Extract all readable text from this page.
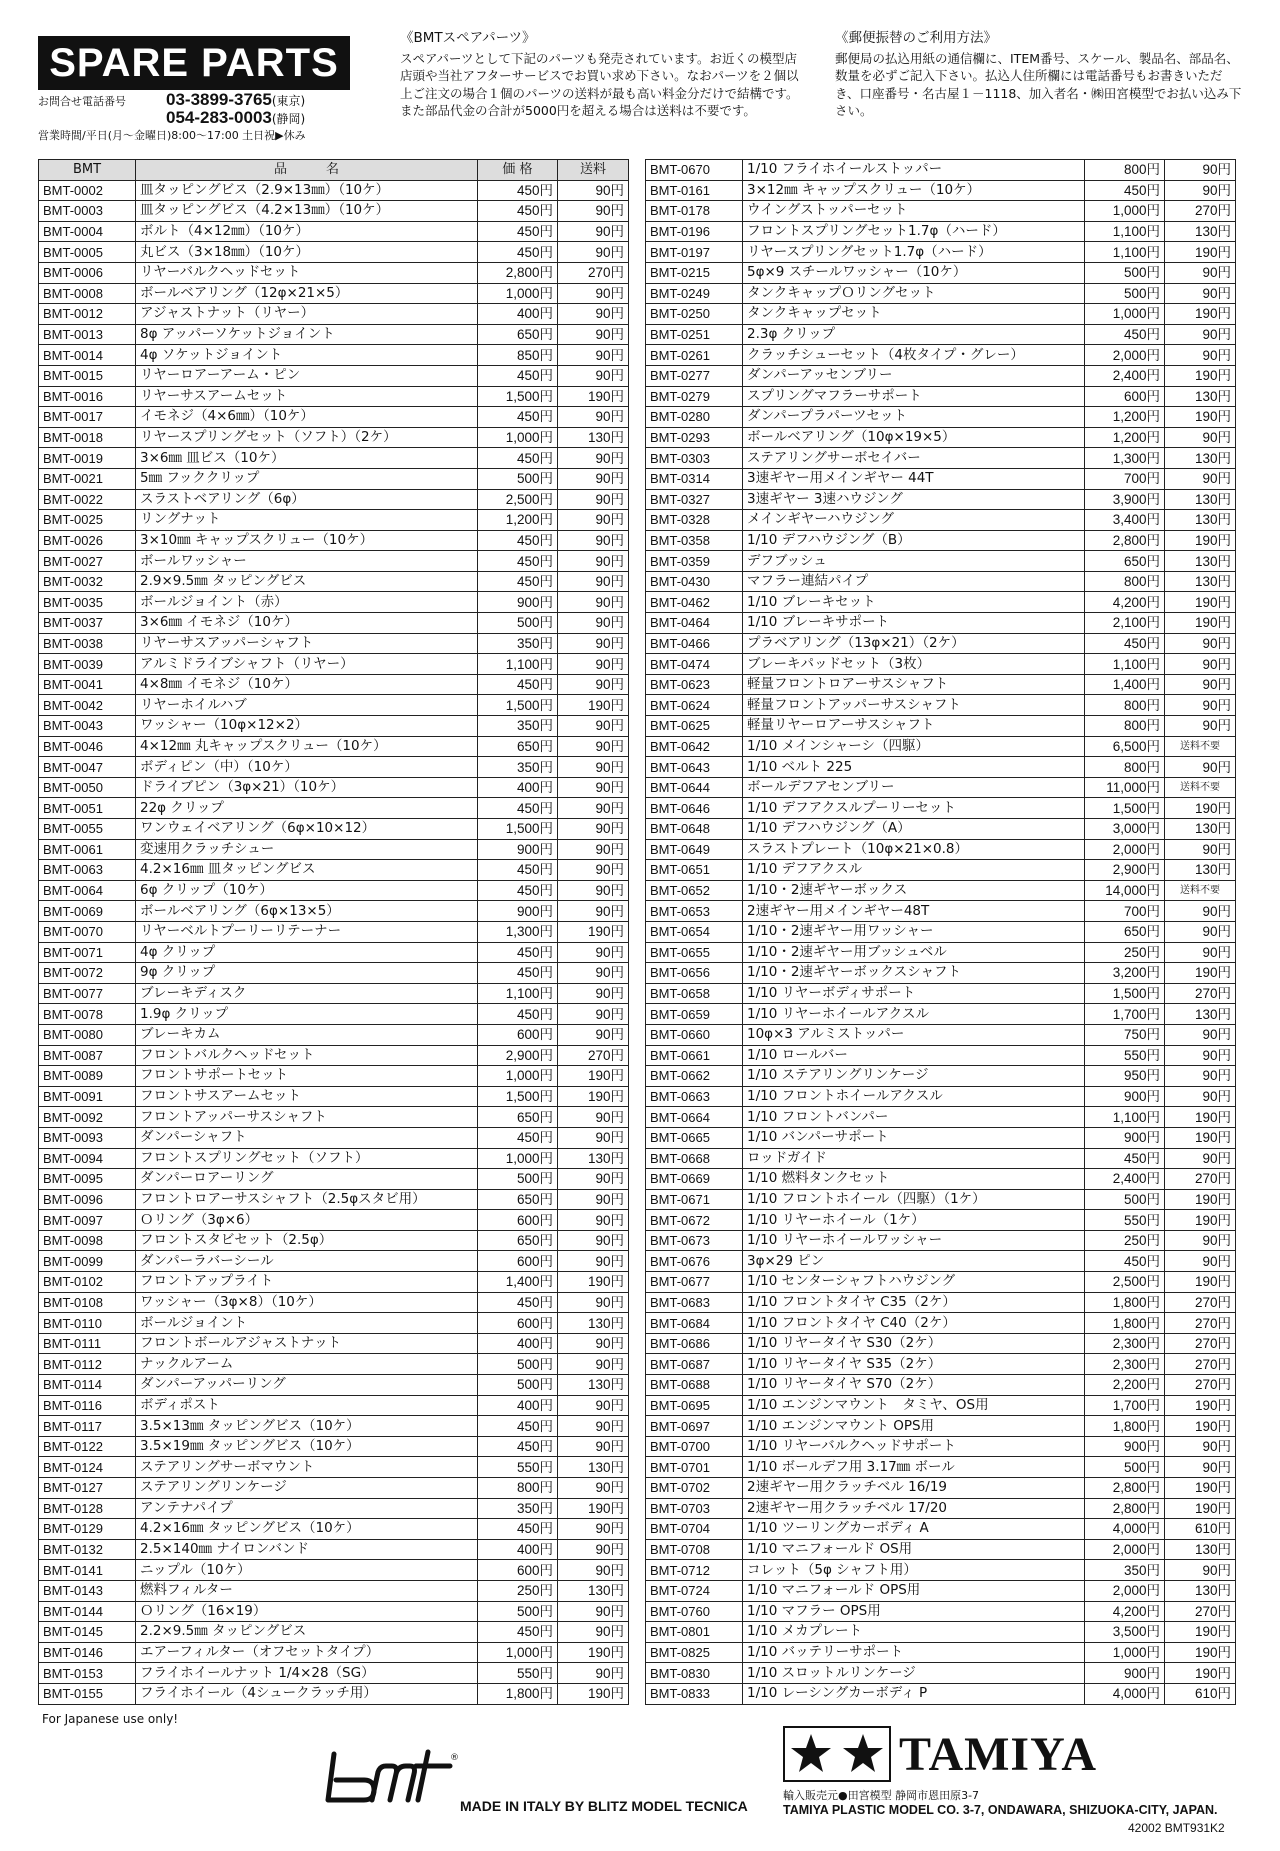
SPARE PARTS
お問合せ電話番号	03-3899-3765 (東京)
054-283-0003 (静岡)
営業時間/平日(月～金曜日)8:00～17:00 土日祝▶休み
《BMTスペアパーツ》
スペアパーツとして下記のパーツも発売されています。お近くの模型店店頭や当社アフターサービスでお買い求め下さい。なおパーツを２個以上ご注文の場合１個のパーツの送料が最も高い料金分だけで結構です。また部品代金の合計が5000円を超える場合は送料は不要です。
《郵便振替のご利用方法》
郵便局の払込用紙の通信欄に、ITEM番号、スケール、製品名、部品名、数量を必ずご記入下さい。払込人住所欄には電話番号もお書きいただき、口座番号・名古屋１－1118、加入者名・㈱田宮模型でお払い込み下さい。
BMT	品　　　名	価 格	送料
BMT-0002	皿タッピングビス（2.9×13㎜）（10ケ）	450円	90円
BMT-0003	皿タッピングビス（4.2×13㎜）（10ケ）	450円	90円
BMT-0004	ボルト（4×12㎜）（10ケ）	450円	90円
BMT-0005	丸ビス（3×18㎜）（10ケ）	450円	90円
BMT-0006	リヤーバルクヘッドセット	2,800円	270円
BMT-0008	ボールベアリング（12φ×21×5）	1,000円	90円
BMT-0012	アジャストナット（リヤー）	400円	90円
BMT-0013	8φ アッパーソケットジョイント	650円	90円
BMT-0014	4φ ソケットジョイント	850円	90円
BMT-0015	リヤーロアーアーム・ピン	450円	90円
BMT-0016	リヤーサスアームセット	1,500円	190円
BMT-0017	イモネジ（4×6㎜）（10ケ）	450円	90円
BMT-0018	リヤースプリングセット（ソフト）（2ケ）	1,000円	130円
BMT-0019	3×6㎜ 皿ビス（10ケ）	450円	90円
BMT-0021	5㎜ フッククリップ	500円	90円
BMT-0022	スラストベアリング（6φ）	2,500円	90円
BMT-0025	リングナット	1,200円	90円
BMT-0026	3×10㎜ キャップスクリュー（10ケ）	450円	90円
BMT-0027	ボールワッシャー	450円	90円
BMT-0032	2.9×9.5㎜ タッピングビス	450円	90円
BMT-0035	ボールジョイント（赤）	900円	90円
BMT-0037	3×6㎜ イモネジ（10ケ）	500円	90円
BMT-0038	リヤーサスアッパーシャフト	350円	90円
BMT-0039	アルミドライブシャフト（リヤー）	1,100円	90円
BMT-0041	4×8㎜ イモネジ（10ケ）	450円	90円
BMT-0042	リヤーホイルハブ	1,500円	190円
BMT-0043	ワッシャー（10φ×12×2）	350円	90円
BMT-0046	4×12㎜ 丸キャップスクリュー（10ケ）	650円	90円
BMT-0047	ボディピン（中）（10ケ）	350円	90円
BMT-0050	ドライブピン（3φ×21）（10ケ）	400円	90円
BMT-0051	22φ クリップ	450円	90円
BMT-0055	ワンウェイベアリング（6φ×10×12）	1,500円	90円
BMT-0061	変速用クラッチシュー	900円	90円
BMT-0063	4.2×16㎜ 皿タッピングビス	450円	90円
BMT-0064	6φ クリップ（10ケ）	450円	90円
BMT-0069	ボールベアリング（6φ×13×5）	900円	90円
BMT-0070	リヤーベルトプーリーリテーナー	1,300円	190円
BMT-0071	4φ クリップ	450円	90円
BMT-0072	9φ クリップ	450円	90円
BMT-0077	ブレーキディスク	1,100円	90円
BMT-0078	1.9φ クリップ	450円	90円
BMT-0080	ブレーキカム	600円	90円
BMT-0087	フロントバルクヘッドセット	2,900円	270円
BMT-0089	フロントサポートセット	1,000円	190円
BMT-0091	フロントサスアームセット	1,500円	190円
BMT-0092	フロントアッパーサスシャフト	650円	90円
BMT-0093	ダンパーシャフト	450円	90円
BMT-0094	フロントスプリングセット（ソフト）	1,000円	130円
BMT-0095	ダンパーロアーリング	500円	90円
BMT-0096	フロントロアーサスシャフト（2.5φスタビ用）	650円	90円
BMT-0097	Ｏリング（3φ×6）	600円	90円
BMT-0098	フロントスタビセット（2.5φ）	650円	90円
BMT-0099	ダンパーラバーシール	600円	90円
BMT-0102	フロントアップライト	1,400円	190円
BMT-0108	ワッシャー（3φ×8）（10ケ）	450円	90円
BMT-0110	ボールジョイント	600円	130円
BMT-0111	フロントボールアジャストナット	400円	90円
BMT-0112	ナックルアーム	500円	90円
BMT-0114	ダンパーアッパーリング	500円	130円
BMT-0116	ボディポスト	400円	90円
BMT-0117	3.5×13㎜ タッピングビス（10ケ）	450円	90円
BMT-0122	3.5×19㎜ タッピングビス（10ケ）	450円	90円
BMT-0124	ステアリングサーボマウント	550円	130円
BMT-0127	ステアリングリンケージ	800円	90円
BMT-0128	アンテナパイプ	350円	190円
BMT-0129	4.2×16㎜ タッピングビス（10ケ）	450円	90円
BMT-0132	2.5×140㎜ ナイロンバンド	400円	90円
BMT-0141	ニップル（10ケ）	600円	90円
BMT-0143	燃料フィルター	250円	130円
BMT-0144	Ｏリング（16×19）	500円	90円
BMT-0145	2.2×9.5㎜ タッピングビス	450円	90円
BMT-0146	エアーフィルター（オフセットタイプ）	1,000円	190円
BMT-0153	フライホイールナット 1/4×28（SG）	550円	90円
BMT-0155	フライホイール（4シュークラッチ用）	1,800円	190円
BMT-0670	1/10 フライホイールストッパー	800円	90円
BMT-0161	3×12㎜ キャップスクリュー（10ケ）	450円	90円
BMT-0178	ウイングストッパーセット	1,000円	270円
BMT-0196	フロントスプリングセット1.7φ（ハード）	1,100円	130円
BMT-0197	リヤースプリングセット1.7φ（ハード）	1,100円	190円
BMT-0215	5φ×9 スチールワッシャー（10ケ）	500円	90円
BMT-0249	タンクキャップＯリングセット	500円	90円
BMT-0250	タンクキャップセット	1,000円	190円
BMT-0251	2.3φ クリップ	450円	90円
BMT-0261	クラッチシューセット（4枚タイプ・グレー）	2,000円	90円
BMT-0277	ダンパーアッセンブリー	2,400円	190円
BMT-0279	スプリングマフラーサポート	600円	130円
BMT-0280	ダンパープラパーツセット	1,200円	190円
BMT-0293	ボールベアリング（10φ×19×5）	1,200円	90円
BMT-0303	ステアリングサーボセイバー	1,300円	130円
BMT-0314	3速ギヤー用メインギヤー 44T	700円	90円
BMT-0327	3速ギヤー 3速ハウジング	3,900円	130円
BMT-0328	メインギヤーハウジング	3,400円	130円
BMT-0358	1/10 デフハウジング（B）	2,800円	190円
BMT-0359	デフブッシュ	650円	130円
BMT-0430	マフラー連結パイプ	800円	130円
BMT-0462	1/10 ブレーキセット	4,200円	190円
BMT-0464	1/10 ブレーキサポート	2,100円	190円
BMT-0466	プラベアリング（13φ×21）（2ケ）	450円	90円
BMT-0474	ブレーキパッドセット（3枚）	1,100円	90円
BMT-0623	軽量フロントロアーサスシャフト	1,400円	90円
BMT-0624	軽量フロントアッパーサスシャフト	800円	90円
BMT-0625	軽量リヤーロアーサスシャフト	800円	90円
BMT-0642	1/10 メインシャーシ（四駆）	6,500円	送料不要
BMT-0643	1/10 ベルト 225	800円	90円
BMT-0644	ボールデフアセンブリー	11,000円	送料不要
BMT-0646	1/10 デフアクスルプーリーセット	1,500円	190円
BMT-0648	1/10 デフハウジング（A）	3,000円	130円
BMT-0649	スラストプレート（10φ×21×0.8）	2,000円	90円
BMT-0651	1/10 デフアクスル	2,900円	130円
BMT-0652	1/10・2速ギヤーボックス	14,000円	送料不要
BMT-0653	2速ギヤー用メインギヤー48T	700円	90円
BMT-0654	1/10・2速ギヤー用ワッシャー	650円	90円
BMT-0655	1/10・2速ギヤー用ブッシュベル	250円	90円
BMT-0656	1/10・2速ギヤーボックスシャフト	3,200円	190円
BMT-0658	1/10 リヤーボディサポート	1,500円	270円
BMT-0659	1/10 リヤーホイールアクスル	1,700円	130円
BMT-0660	10φ×3 アルミストッパー	750円	90円
BMT-0661	1/10 ロールバー	550円	90円
BMT-0662	1/10 ステアリングリンケージ	950円	90円
BMT-0663	1/10 フロントホイールアクスル	900円	90円
BMT-0664	1/10 フロントバンパー	1,100円	190円
BMT-0665	1/10 バンパーサポート	900円	190円
BMT-0668	ロッドガイド	450円	90円
BMT-0669	1/10 燃料タンクセット	2,400円	270円
BMT-0671	1/10 フロントホイール（四駆）（1ケ）	500円	190円
BMT-0672	1/10 リヤーホイール（1ケ）	550円	190円
BMT-0673	1/10 リヤーホイールワッシャー	250円	90円
BMT-0676	3φ×29 ピン	450円	90円
BMT-0677	1/10 センターシャフトハウジング	2,500円	190円
BMT-0683	1/10 フロントタイヤ C35（2ケ）	1,800円	270円
BMT-0684	1/10 フロントタイヤ C40（2ケ）	1,800円	270円
BMT-0686	1/10 リヤータイヤ S30（2ケ）	2,300円	270円
BMT-0687	1/10 リヤータイヤ S35（2ケ）	2,300円	270円
BMT-0688	1/10 リヤータイヤ S70（2ケ）	2,200円	270円
BMT-0695	1/10 エンジンマウント　タミヤ、OS用	1,700円	190円
BMT-0697	1/10 エンジンマウント OPS用	1,800円	190円
BMT-0700	1/10 リヤーバルクヘッドサポート	900円	90円
BMT-0701	1/10 ボールデフ用 3.17㎜ ボール	500円	90円
BMT-0702	2速ギヤー用クラッチベル 16/19	2,800円	190円
BMT-0703	2速ギヤー用クラッチベル 17/20	2,800円	190円
BMT-0704	1/10 ツーリングカーボディ A	4,000円	610円
BMT-0708	1/10 マニフォールド OS用	2,000円	130円
BMT-0712	コレット（5φ シャフト用）	350円	90円
BMT-0724	1/10 マニフォールド OPS用	2,000円	130円
BMT-0760	1/10 マフラー OPS用	4,200円	270円
BMT-0801	1/10 メカプレート	3,500円	190円
BMT-0825	1/10 バッテリーサポート	1,000円	190円
BMT-0830	1/10 スロットルリンケージ	900円	190円
BMT-0833	1/10 レーシングカーボディ P	4,000円	610円
For Japanese use only!
®
MADE IN ITALY BY BLITZ MODEL TECNICA
TAMIYA
輸入販売元●田宮模型 静岡市恩田原3-7
TAMIYA PLASTIC MODEL CO. 3-7, ONDAWARA, SHIZUOKA-CITY, JAPAN.
42002 BMT931K2
